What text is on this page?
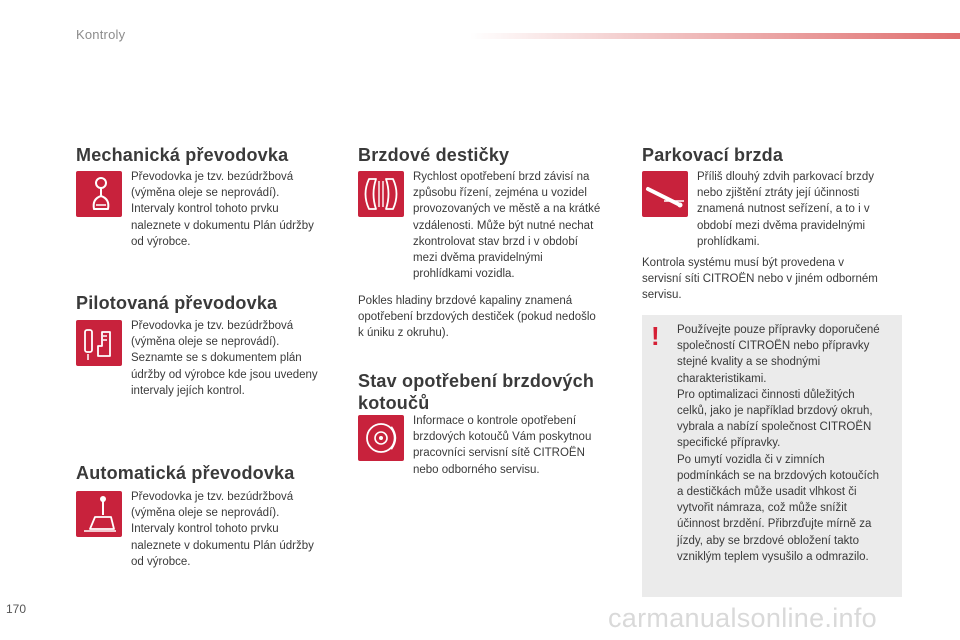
Kontroly
Mechanická převodovka
Převodovka je tzv. bezúdržbová
(výměna oleje se neprovádí).
Intervaly kontrol tohoto prvku
naleznete v dokumentu Plán údržby
od výrobce.
Pilotovaná převodovka
Převodovka je tzv. bezúdržbová
(výměna oleje se neprovádí).
Seznamte se s dokumentem plán
údržby od výrobce kde jsou uvedeny
intervaly jejích kontrol.
Automatická převodovka
Převodovka je tzv. bezúdržbová
(výměna oleje se neprovádí).
Intervaly kontrol tohoto prvku
naleznete v dokumentu Plán údržby
od výrobce.
Brzdové destičky
Rychlost opotřebení brzd závisí na
způsobu řízení, zejména u vozidel
provozovaných ve městě a na krátké
vzdálenosti. Může být nutné nechat
zkontrolovat stav brzd i v období
mezi dvěma pravidelnými
prohlídkami vozidla.
Pokles hladiny brzdové kapaliny znamená
opotřebení brzdových destiček (pokud nedošlo
k úniku z okruhu).
Stav opotřebení brzdových
kotoučů
Informace o kontrole opotřebení
brzdových kotoučů Vám poskytnou
pracovníci servisní sítě CITROËN
nebo odborného servisu.
Parkovací brzda
Příliš dlouhý zdvih parkovací brzdy
nebo zjištění ztráty její účinnosti
znamená nutnost seřízení, a to i v
období mezi dvěma pravidelnými
prohlídkami.
Kontrola systému musí být provedena v
servisní síti CITROËN nebo v jiném odborném
servisu.
! Používejte pouze přípravky doporučené
společností CITROËN nebo přípravky
stejné kvality a se shodnými
charakteristikami.
Pro optimalizaci činnosti důležitých
celků, jako je například brzdový okruh,
vybrala a nabízí společnost CITROËN
specifické přípravky.
Po umytí vozidla či v zimních
podmínkách se na brzdových kotoučích
a destičkách může usadit vlhkost či
vytvořit námraza, což může snížit
účinnost brzdění. Přibrzďujte mírně za
jízdy, aby se brzdové obložení takto
vzniklým teplem vysušilo a odmrazilo.
170	carmanualsonline.info
